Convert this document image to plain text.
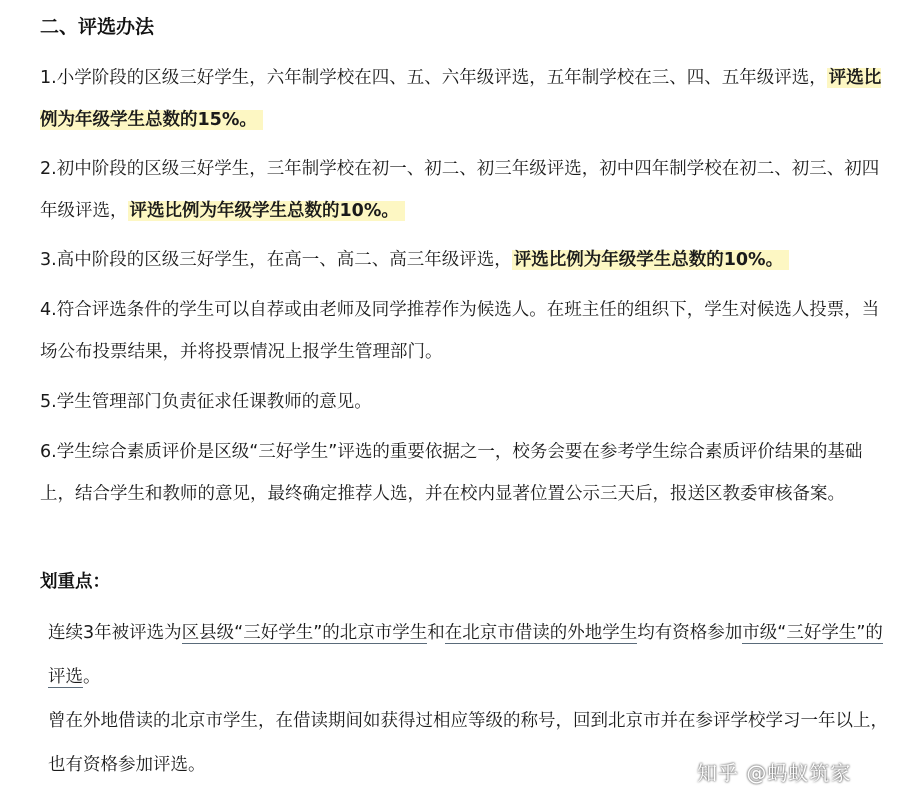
二、评选办法

1.小学阶段的区级三好学生，六年制学校在四、五、六年级评选，五年制学校在三、四、五年级评选， 评选比例为年级学生总数的15%。

2.初中阶段的区级三好学生，三年制学校在初一、初二、初三年级评选，初中四年制学校在初二、初三、初四年级评选， 评选比例为年级学生总数的10%。

3.高中阶段的区级三好学生，在高一、高二、高三年级评选， 评选比例为年级学生总数的10%。

4.符合评选条件的学生可以自荐或由老师及同学推荐作为候选人。在班主任的组织下，学生对候选人投票，当场公布投票结果，并将投票情况上报学生管理部门。

5.学生管理部门负责征求任课教师的意见。

6.学生综合素质评价是区级“三好学生”评选的重要依据之一，校务会要在参考学生综合素质评价结果的基础上，结合学生和教师的意见，最终确定推荐人选，并在校内显著位置公示三天后，报送区教委审核备案。

划重点：

连续3年被评选为区县级“三好学生”的北京市学生和在北京市借读的外地学生均有资格参加市级“三好学生”的评选。

曾在外地借读的北京市学生，在借读期间如获得过相应等级的称号，回到北京市并在参评学校学习一年以上，也有资格参加评选。	知乎 @蚂蚁筑家
